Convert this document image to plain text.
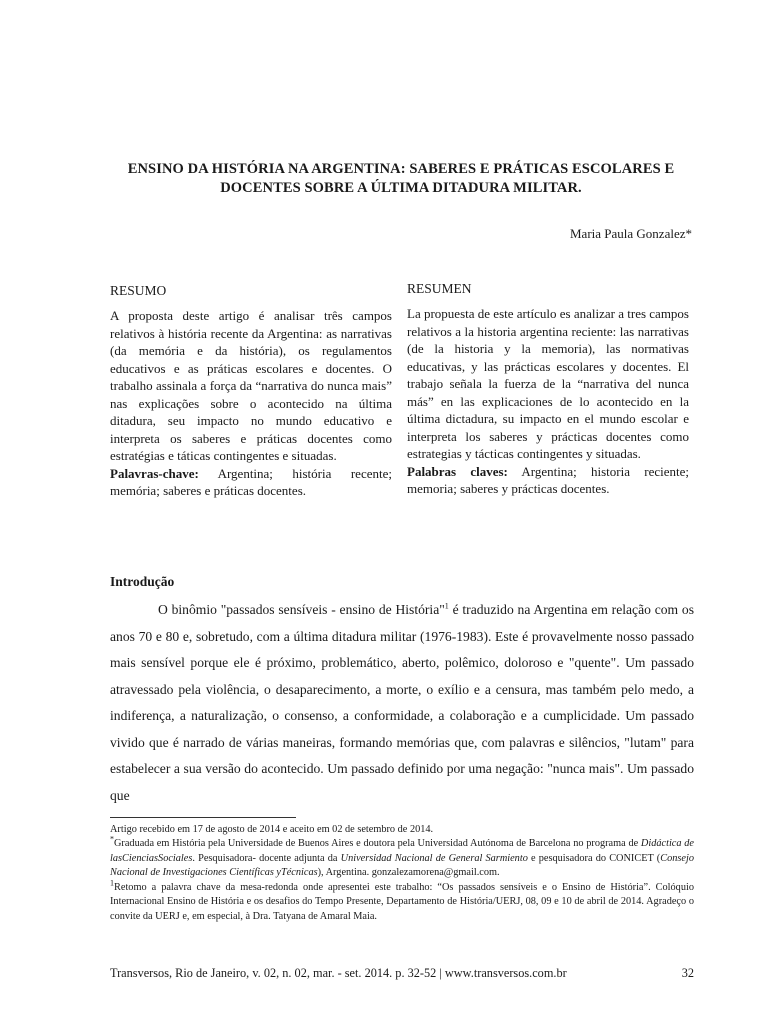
ENSINO DA HISTÓRIA NA ARGENTINA: SABERES E PRÁTICAS ESCOLARES E
DOCENTES SOBRE A ÚLTIMA DITADURA MILITAR.
Maria Paula Gonzalez*
RESUMO

A proposta deste artigo é analisar três campos relativos à história recente da Argentina: as narrativas (da memória e da história), os regulamentos educativos e as práticas escolares e docentes. O trabalho assinala a força da “narrativa do nunca mais” nas explicações sobre o acontecido na última ditadura, seu impacto no mundo educativo e interpreta os saberes e práticas docentes como estratégias e táticas contingentes e situadas.

Palavras-chave: Argentina; história recente; memória; saberes e práticas docentes.

RESUMEN

La propuesta de este artículo es analizar a tres campos relativos a la historia argentina reciente: las narrativas (de la historia y la memoria), las normativas educativas, y las prácticas escolares y docentes. El trabajo señala la fuerza de la “narrativa del nunca más” en las explicaciones de lo acontecido en la última dictadura, su impacto en el mundo escolar e interpreta los saberes y prácticas docentes como estrategias y tácticas contingentes y situadas.

Palabras claves: Argentina; historia reciente; memoria; saberes y prácticas docentes.

Introdução

O binômio "passados sensíveis - ensino de História"$^1$ é traduzido na Argentina em relação com os anos 70 e 80 e, sobretudo, com a última ditadura militar (1976-1983). Este é provavelmente nosso passado mais sensível porque ele é próximo, problemático, aberto, polêmico, doloroso e "quente". Um passado atravessado pela violência, o desaparecimento, a morte, o exílio e a censura, mas também pelo medo, a indiferença, a naturalização, o consenso, a conformidade, a colaboração e a cumplicidade. Um passado vivido que é narrado de várias maneiras, formando memórias que, com palavras e silêncios, "lutam" para estabelecer a sua versão do acontecido. Um passado definido por uma negação: "nunca mais". Um passado que

Artigo recebido em 17 de agosto de 2014 e aceito em 02 de setembro de 2014.

*Graduada em História pela Universidade de Buenos Aires e doutora pela Universidad Autónoma de Barcelona no programa de Didáctica de lasCienciasSociales. Pesquisadora- docente adjunta da Universidad Nacional de General Sarmiento e pesquisadora do CONICET (Consejo Nacional de Investigaciones Científicas yTécnicas), Argentina. gonzalezamorena@gmail.com.

$^1$Retomo a palavra chave da mesa-redonda onde apresentei este trabalho: “Os passados sensíveis e o Ensino de História”. Colóquio Internacional Ensino de História e os desafios do Tempo Presente, Departamento de História/UERJ, 08, 09 e 10 de abril de 2014. Agradeço o convite da UERJ e, em especial, à Dra. Tatyana de Amaral Maia.

Transversos, Rio de Janeiro, v. 02, n. 02, mar. - set. 2014. p. 32-52 | www.transversos.com.br	32
